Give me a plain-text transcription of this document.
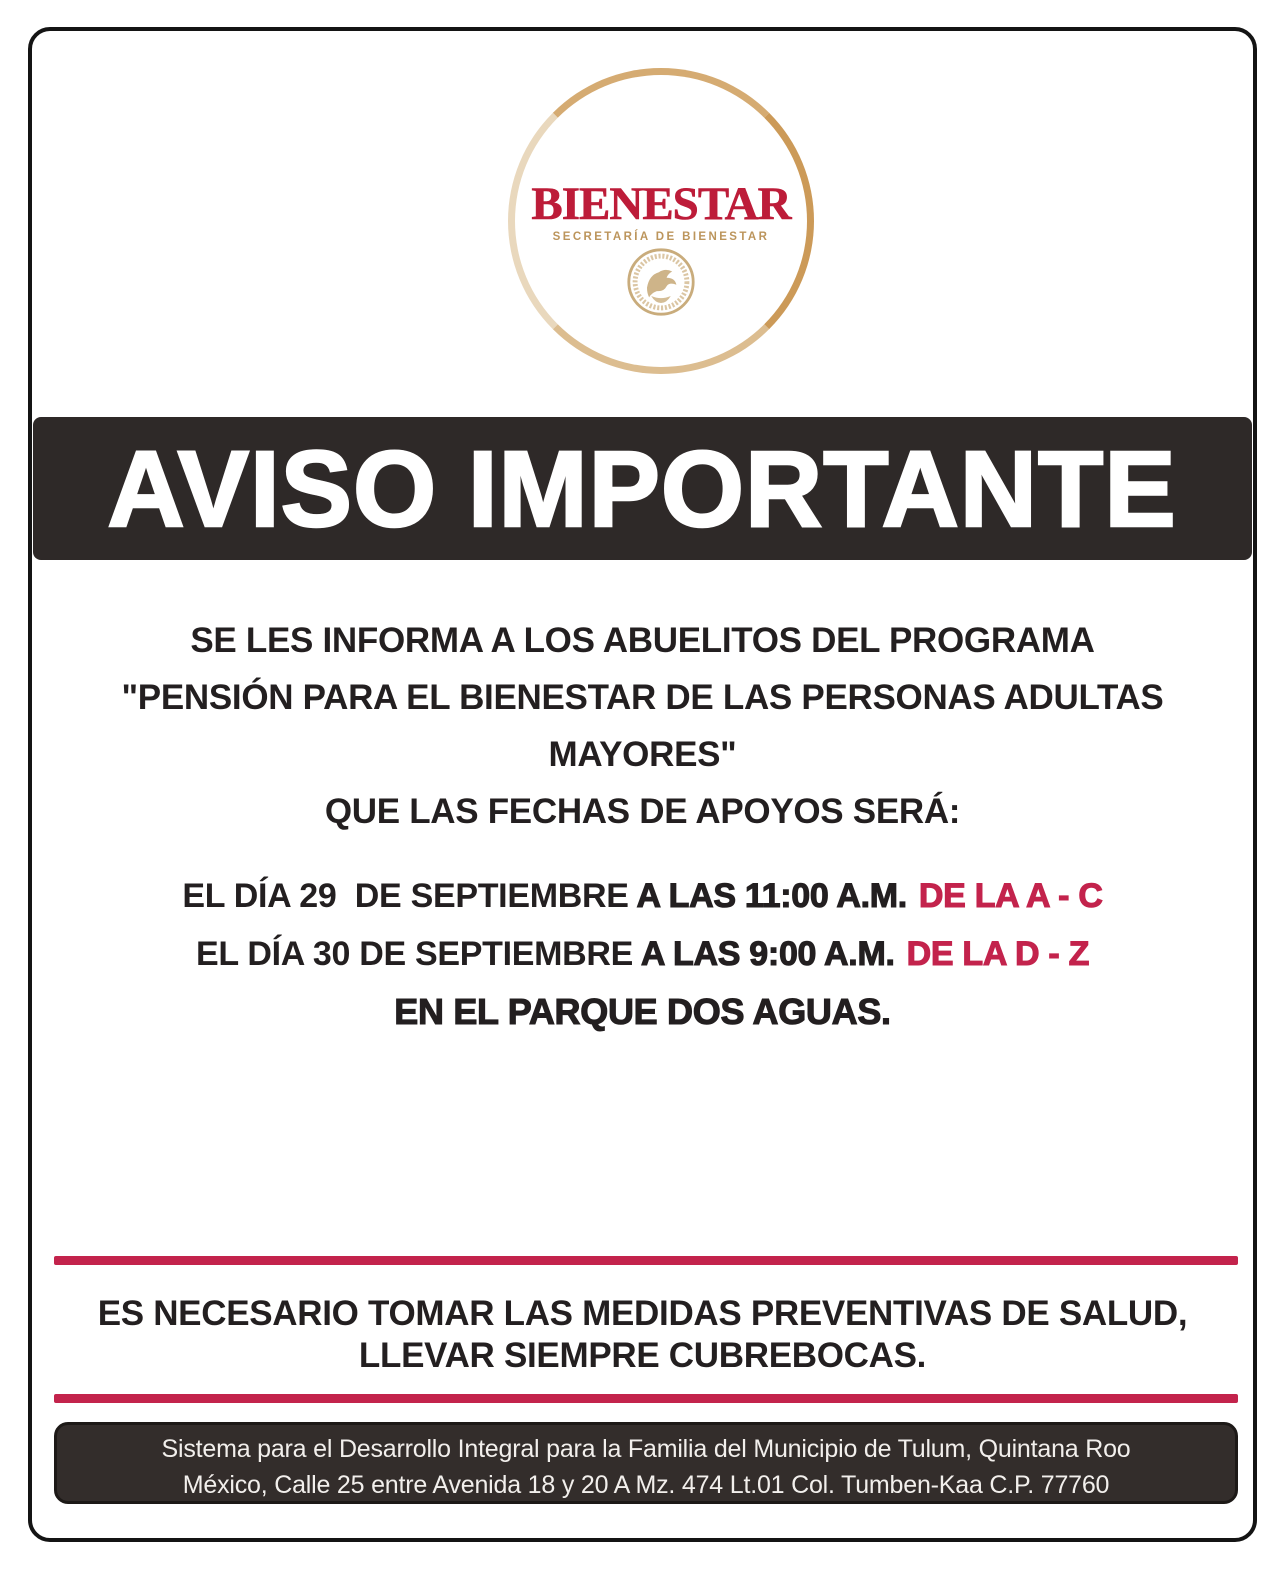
BIENESTAR
SECRETARÍA DE BIENESTAR
AVISO IMPORTANTE

SE LES INFORMA A LOS ABUELITOS DEL PROGRAMA

"PENSIÓN PARA EL BIENESTAR DE LAS PERSONAS ADULTAS MAYORES"

QUE LAS FECHAS DE APOYOS SERÁ:

EL DÍA 29  DE SEPTIEMBRE A LAS 11:00 A.M. DE LA A - C

EL DÍA 30 DE SEPTIEMBRE A LAS 9:00 A.M. DE LA D - Z

EN EL PARQUE DOS AGUAS.

ES NECESARIO TOMAR LAS MEDIDAS PREVENTIVAS DE SALUD,

LLEVAR SIEMPRE CUBREBOCAS.

Sistema para el Desarrollo Integral para la Familia del Municipio de Tulum, Quintana Roo

México, Calle 25 entre Avenida 18 y 20 A Mz. 474 Lt.01 Col. Tumben-Kaa C.P. 77760
